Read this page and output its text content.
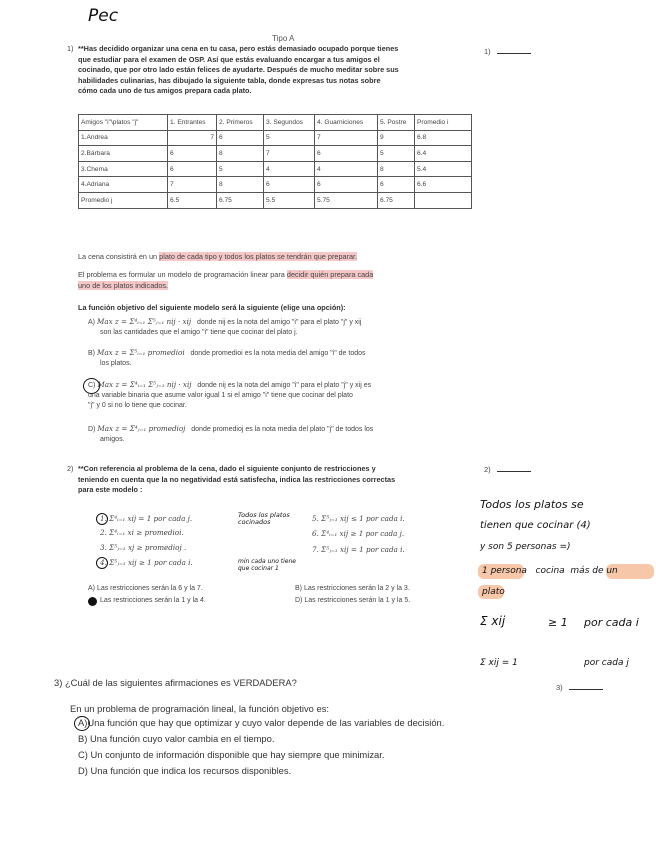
Pec
Tipo A
1) **Has decidido organizar una cena en tu casa, pero estás demasiado ocupado porque tienes
que estudiar para el examen de OSP. Así que estás evaluando encargar a tus amigos el
cocinado, que por otro lado están felices de ayudarte. Después de mucho meditar sobre sus
habilidades culinarias, has dibujado la siguiente tabla, donde expresas tus notas sobre
cómo cada uno de tus amigos prepara cada plato.
1)
Amigos "i"\platos "j"	1. Entrantes	2. Primeros	3. Segundos	4. Guarniciones	5. Postre	Promedio i
1.Andrea	7	6	5	7	9	6.8
2.Bárbara	6	8	7	6	5	6.4
3.Chema	6	5	4	4	8	5.4
4.Adriana	7	8	6	6	6	6.6
Promedio j	6.5	6.75	5.5	5.75	6.75	
La cena consistirá en un plato de cada tipo y todos los platos se tendrán que preparar.
El problema es formular un modelo de programación linear para decidir quién prepara cada
uno de los platos indicados.
La función objetivo del siguiente modelo será la siguiente (elige una opción):
A) Max z = Σ⁴ᵢ₌₁ Σ⁵ⱼ₌₁ nij · xij donde nij es la nota del amigo "i" para el plato "j" y xij
son las cantidades que el amigo "i" tiene que cocinar del plato j.
B) Max z = Σ⁵ᵢ₌₁ promedioi donde promedioi es la nota media del amigo "i" de todos
los platos.
C) Max z = Σ⁴ᵢ₌₁ Σ⁵ⱼ₌₁ nij · xij donde nij es la nota del amigo "i" para el plato "j" y xij es
una variable binaria que asume valor igual 1 si el amigo "i" tiene que cocinar del plato
"j" y 0 si no lo tiene que cocinar.
D) Max z = Σ⁴ⱼ₌₁ promedioj donde promedioj es la nota media del plato "j" de todos los
amigos.
2) **Con referencia al problema de la cena, dado el siguiente conjunto de restricciones y
teniendo en cuenta que la no negatividad está satisfecha, indica las restricciones correctas
para este modelo :
2)
1. Σ⁴ᵢ₌₁ xij = 1 por cada j.
2. Σ⁴ᵢ₌₁ xi ≥ promedioi.
3. Σ⁵ⱼ₌₁ xj ≥ promedioj .
4. Σ⁵ⱼ₌₁ xij ≥ 1 por cada i.
Todos los platos cocinados
min cada uno tiene que cocinar 1
5. Σ⁵ⱼ₌₁ xij ≤ 1 por cada i.
6. Σ⁴ᵢ₌₁ xij ≥ 1 por cada j.
7. Σ⁵ⱼ₌₁ xij = 1 por cada i.
A) Las restricciones serán la 6 y la 7.	B) Las restricciones serán la 2 y la 3.
Las restricciones serán la 1 y la 4.	D) Las restricciones serán la 1 y la 5.
Todos los platos se
tienen que cocinar (4)
y son 5 personas =)
1 persona cocina más de un
plato
Σ xij	≥ 1 por cada i
Σ xij = 1	por cada j
3) ¿Cuál de las siguientes afirmaciones es VERDADERA?	3)
En un problema de programación lineal, la función objetivo es:
A)Una función que hay que optimizar y cuyo valor depende de las variables de decisión.
B) Una función cuyo valor cambia en el tiempo.
C) Un conjunto de información disponible que hay siempre que minimizar.
D) Una función que indica los recursos disponibles.
